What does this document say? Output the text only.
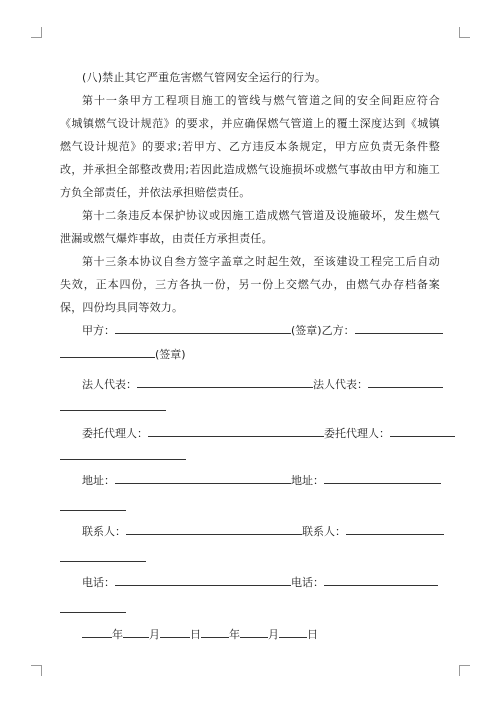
(八)禁止其它严重危害燃气管网安全运行的行为。

第十一条甲方工程项目施工的管线与燃气管道之间的安全间距应符合《城镇燃气设计规范》的要求，并应确保燃气管道上的覆土深度达到《城镇燃气设计规范》的要求;若甲方、乙方违反本条规定，甲方应负责无条件整改，并承担全部整改费用;若因此造成燃气设施损坏或燃气事故由甲方和施工方负全部责任，并依法承担赔偿责任。

第十二条违反本保护协议或因施工造成燃气管道及设施破坏，发生燃气泄漏或燃气爆炸事故，由责任方承担责任。

第十三条本协议自叁方签字盖章之时起生效，至该建设工程完工后自动失效，正本四份，三方各执一份，另一份上交燃气办，由燃气办存档备案保，四份均具同等效力。

甲方：	(签章)乙方：
(签章)
法人代表：	法人代表：
委托代理人：	委托代理人：
地址：	地址：
联系人：	联系人：
电话：	电话：
年 月	日	年	月	日
